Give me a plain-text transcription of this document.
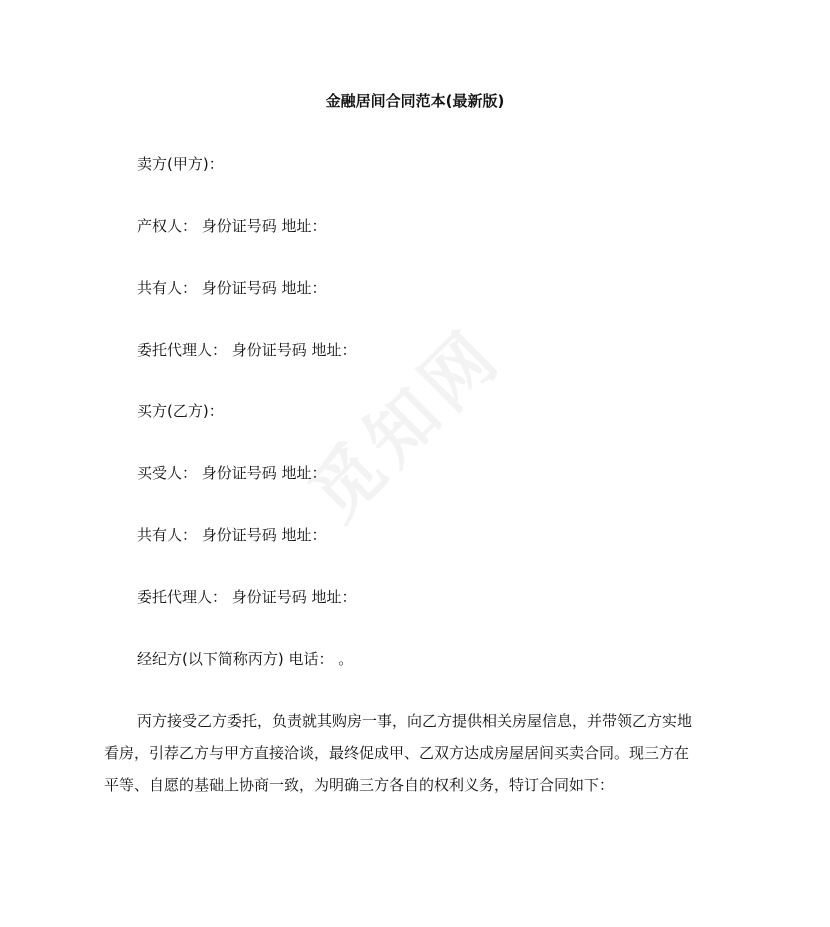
觅知网
金融居间合同范本(最新版)
卖方(甲方)：
产权人： 身份证号码 地址：
共有人： 身份证号码 地址：
委托代理人： 身份证号码 地址：
买方(乙方)：
买受人： 身份证号码 地址：
共有人： 身份证号码 地址：
委托代理人： 身份证号码 地址：
经纪方(以下简称丙方) 电话： 。
丙方接受乙方委托，负责就其购房一事，向乙方提供相关房屋信息，并带领乙方实地
看房，引荐乙方与甲方直接洽谈，最终促成甲、乙双方达成房屋居间买卖合同。现三方在
平等、自愿的基础上协商一致，为明确三方各自的权利义务，特订合同如下：
